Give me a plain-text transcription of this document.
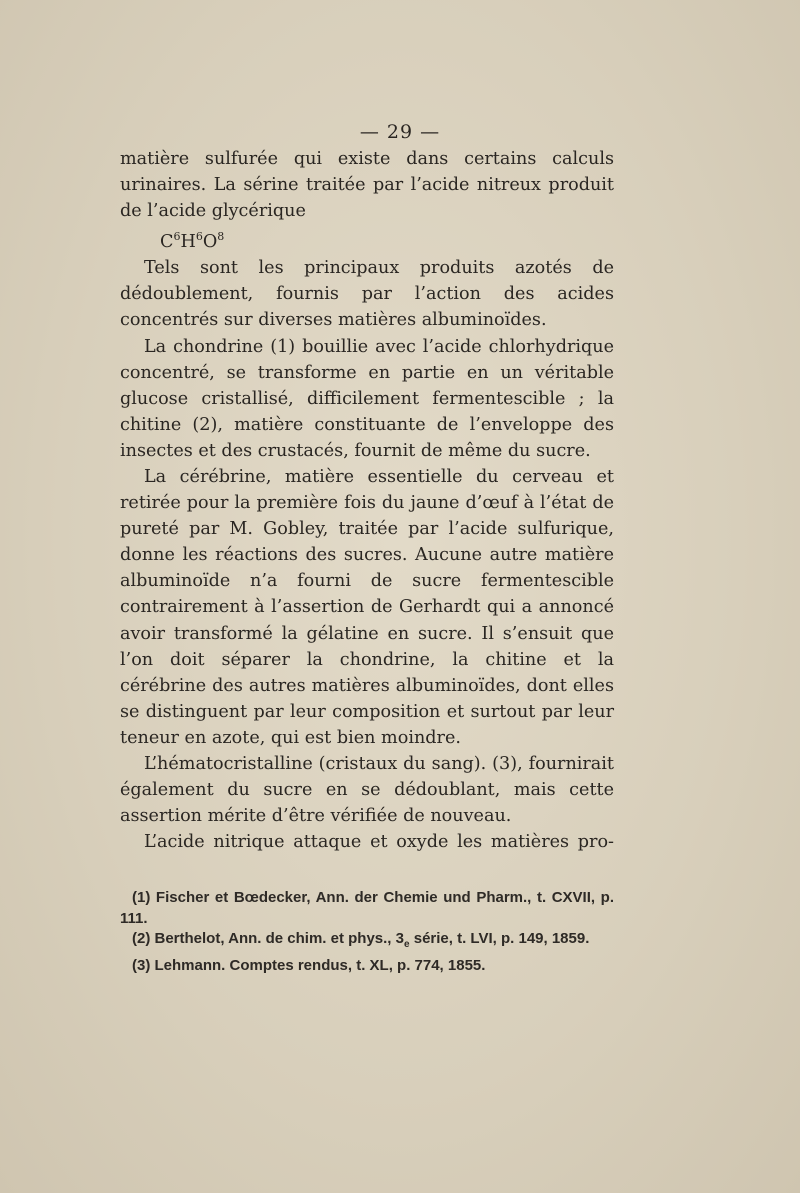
— 29 —

matière sulfurée qui existe dans certains calculs

urinaires. La sérine traitée par l’acide nitreux produit

de l’acide glycérique

$C^6H^6O^8$

Tels sont les principaux produits azotés de dédoublement, fournis par l’action des acides concentrés sur diverses matières albuminoïdes.

La chondrine (1) bouillie avec l’acide chlorhydrique concentré, se transforme en partie en un véritable glucose cristallisé, difficilement fermentescible ; la chitine (2), matière constituante de l’enveloppe des insectes et des crustacés, fournit de même du sucre.

La cérébrine, matière essentielle du cerveau et retirée pour la première fois du jaune d’œuf à l’état de pureté par M. Gobley, traitée par l’acide sulfurique, donne les réactions des sucres. Aucune autre matière albuminoïde n’a fourni de sucre fermentescible contrairement à l’assertion de Gerhardt qui a annoncé avoir transformé la gélatine en sucre. Il s’ensuit que l’on doit séparer la chondrine, la chitine et la cérébrine des autres matières albuminoïdes, dont elles se distinguent par leur composition et surtout par leur teneur en azote, qui est bien moindre.

L’hématocristalline (cristaux du sang). (3), fournirait également du sucre en se dédoublant, mais cette assertion mérite d’être vérifiée de nouveau.

L’acide nitrique attaque et oxyde les matières pro-

(1) Fischer et Bœdecker, Ann. der Chemie und Pharm., t. CXVII, p. 111.

(2) Berthelot, Ann. de chim. et phys., $3_e$ série, t. LVI, p. 149, 1859.

(3) Lehmann. Comptes rendus, t. XL, p. 774, 1855.
